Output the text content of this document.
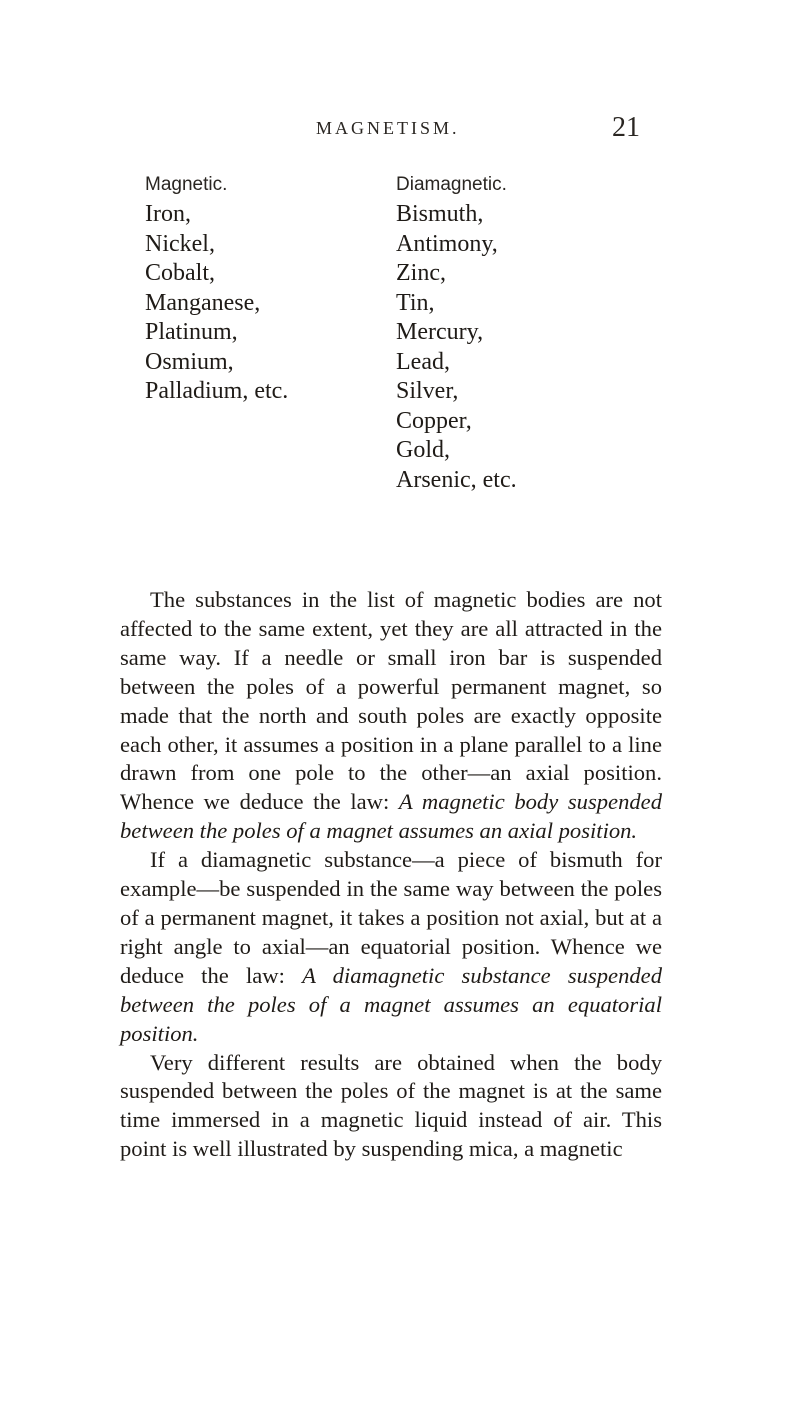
MAGNETISM.	21
Magnetic.
Iron,
Nickel,
Cobalt,
Manganese,
Platinum,
Osmium,
Palladium, etc.
Diamagnetic.
Bismuth,
Antimony,
Zinc,
Tin,
Mercury,
Lead,
Silver,
Copper,
Gold,
Arsenic, etc.

The substances in the list of magnetic bodies are not affected to the same extent, yet they are all attracted in the same way. If a needle or small iron bar is suspended between the poles of a powerful permanent magnet, so made that the north and south poles are exactly opposite each other, it assumes a position in a plane parallel to a line drawn from one pole to the other—an axial position. Whence we deduce the law: A magnetic body suspended between the poles of a magnet assumes an axial position.

If a diamagnetic substance—a piece of bismuth for example—be suspended in the same way between the poles of a permanent magnet, it takes a position not axial, but at a right angle to axial—an equatorial position. Whence we deduce the law: A diamagnetic substance suspended between the poles of a magnet assumes an equatorial position.

Very different results are obtained when the body suspended between the poles of the magnet is at the same time immersed in a magnetic liquid instead of air. This point is well illustrated by suspending mica, a magnetic
